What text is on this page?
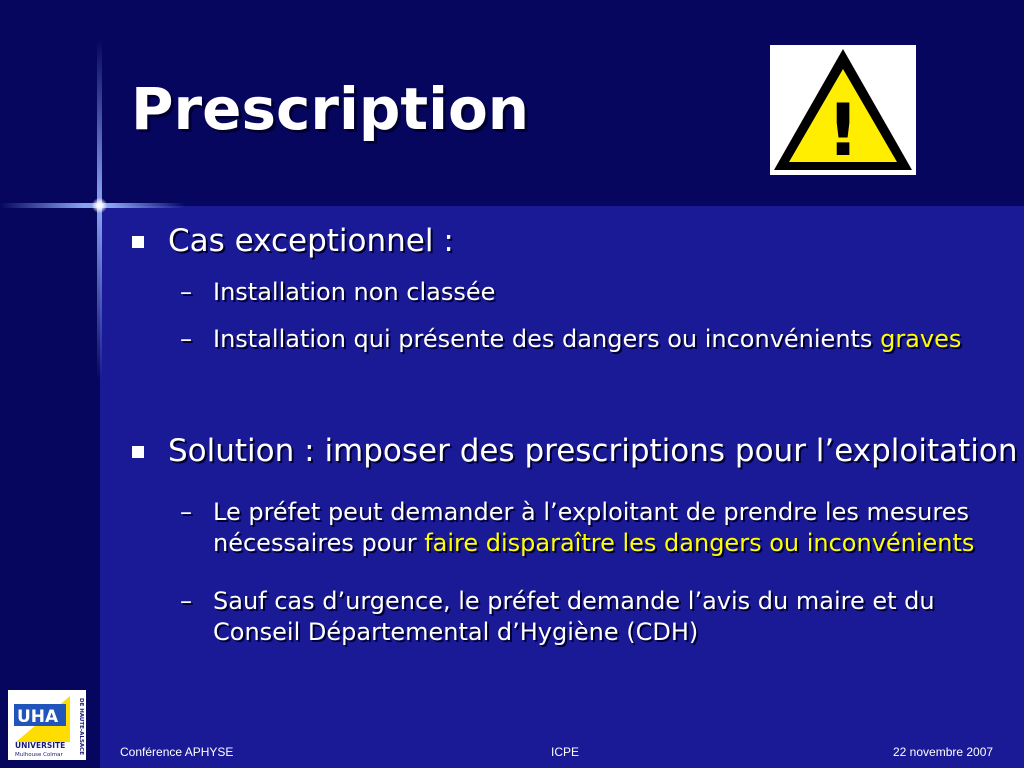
Prescription	!
Cas exceptionnel :
– Installation non classée
– Installation qui présente des dangers ou inconvénients graves
Solution : imposer des prescriptions pour l’exploitation
– Le préfet peut demander à l’exploitant de prendre les mesures nécessaires pour faire disparaître les dangers ou inconvénients
– Sauf cas d’urgence, le préfet demande l’avis du maire et du Conseil Départemental d’Hygiène (CDH)
UHA
UNIVERSITE
Mulhouse Colmar
DE HAUTE-ALSACE	Conférence APHYSE	ICPE	22 novembre 2007
